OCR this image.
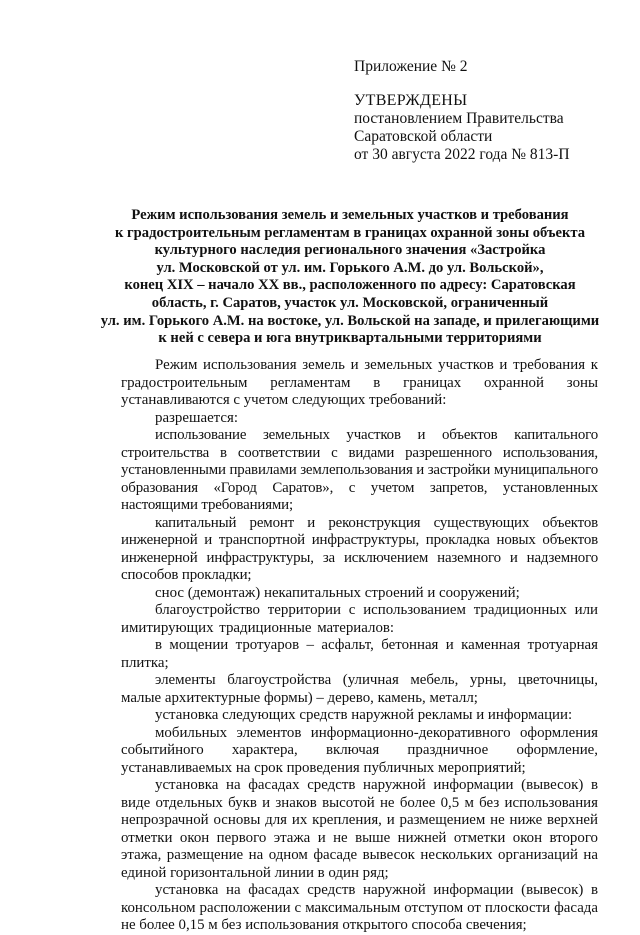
Приложение № 2
УТВЕРЖДЕНЫ
постановлением Правительства
Саратовской области
от 30 августа 2022 года № 813-П
Режим использования земель и земельных участков и требования
к градостроительным регламентам в границах охранной зоны объекта
культурного наследия регионального значения «Застройка
ул. Московской от ул. им. Горького А.М. до ул. Вольской»,
конец XIX – начало XX вв., расположенного по адресу: Саратовская
область, г. Саратов, участок ул. Московской, ограниченный
ул. им. Горького А.М. на востоке, ул. Вольской на западе, и прилегающими
к ней с севера и юга внутриквартальными территориями

Режим использования земель и земельных участков и требования к градостроительным регламентам в границах охранной зоны устанавливаются с учетом следующих требований:

разрешается:

использование земельных участков и объектов капитального строительства в соответствии с видами разрешенного использования, установленными правилами землепользования и застройки муниципального образования «Город Саратов», с учетом запретов, установленных настоящими требованиями;

капитальный ремонт и реконструкция существующих объектов инженерной и транспортной инфраструктуры, прокладка новых объектов инженерной инфраструктуры, за исключением наземного и надземного способов прокладки;

снос (демонтаж) некапитальных строений и сооружений;

благоустройство территории с использованием традиционных или имитирующих традиционные материалов:

в мощении тротуаров – асфальт, бетонная и каменная тротуарная плитка;

элементы благоустройства (уличная мебель, урны, цветочницы, малые архитектурные формы) – дерево, камень, металл;

установка следующих средств наружной рекламы и информации:

мобильных элементов информационно-декоративного оформления событийного характера, включая праздничное оформление, устанавливаемых на срок проведения публичных мероприятий;

установка на фасадах средств наружной информации (вывесок) в виде отдельных букв и знаков высотой не более 0,5 м без использования непрозрачной основы для их крепления, и размещением не ниже верхней отметки окон первого этажа и не выше нижней отметки окон второго этажа, размещение на одном фасаде вывесок нескольких организаций на единой горизонтальной линии в один ряд;

установка на фасадах средств наружной информации (вывесок) в консольном расположении с максимальным отступом от плоскости фасада не более 0,15 м без использования открытого способа свечения;
